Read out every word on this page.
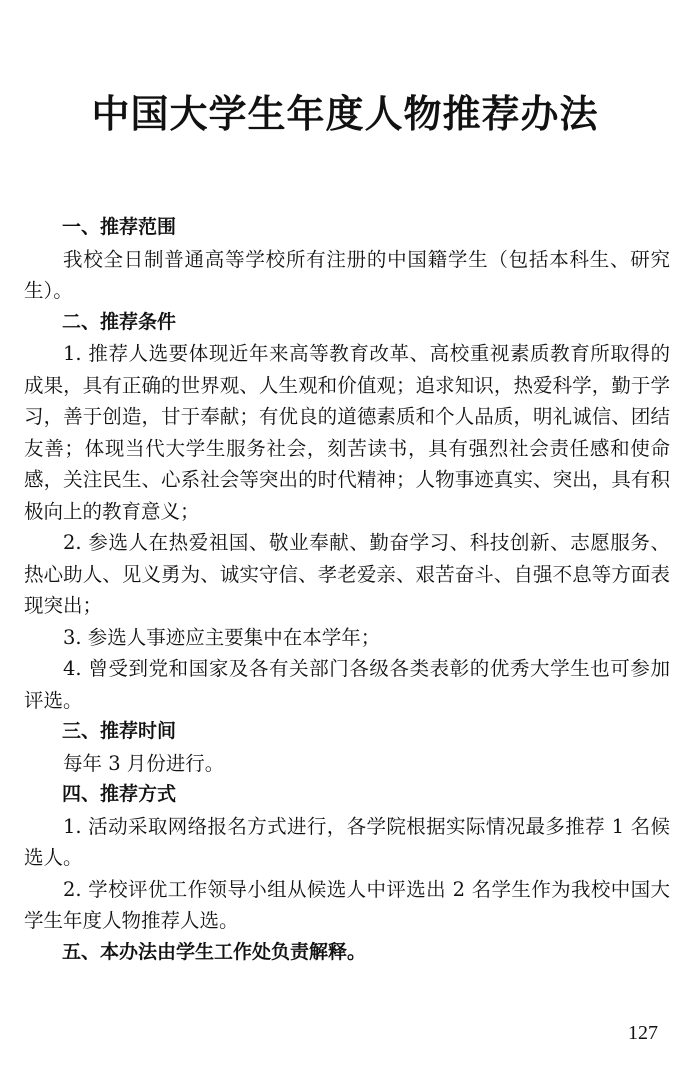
中国大学生年度人物推荐办法
一、推荐范围

我校全日制普通高等学校所有注册的中国籍学生（包括本科生、研究生）。

二、推荐条件

1. 推荐人选要体现近年来高等教育改革、高校重视素质教育所取得的成果，具有正确的世界观、人生观和价值观；追求知识，热爱科学，勤于学习，善于创造，甘于奉献；有优良的道德素质和个人品质，明礼诚信、团结友善；体现当代大学生服务社会，刻苦读书，具有强烈社会责任感和使命感，关注民生、心系社会等突出的时代精神；人物事迹真实、突出，具有积极向上的教育意义；

2. 参选人在热爱祖国、敬业奉献、勤奋学习、科技创新、志愿服务、热心助人、见义勇为、诚实守信、孝老爱亲、艰苦奋斗、自强不息等方面表现突出；

3. 参选人事迹应主要集中在本学年；

4. 曾受到党和国家及各有关部门各级各类表彰的优秀大学生也可参加评选。

三、推荐时间

每年 3 月份进行。

四、推荐方式

1. 活动采取网络报名方式进行，各学院根据实际情况最多推荐 1 名候选人。

2. 学校评优工作领导小组从候选人中评选出 2 名学生作为我校中国大学生年度人物推荐人选。

五、本办法由学生工作处负责解释。
127
